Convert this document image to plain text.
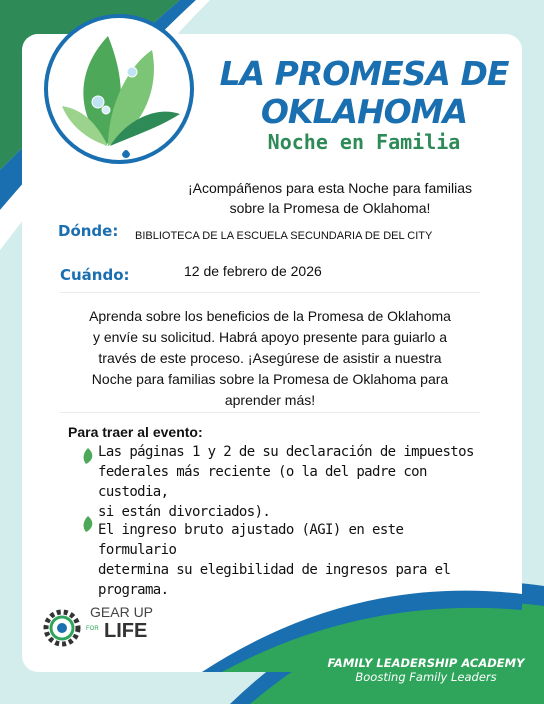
LA PROMESA DE
OKLAHOMA
Noche en Familia
¡Acompáñenos para esta Noche para familias
sobre la Promesa de Oklahoma!
Dónde: BIBLIOTECA DE LA ESCUELA SECUNDARIA DE DEL CITY
Cuándo:	12 de febrero de 2026
Aprenda sobre los beneficios de la Promesa de Oklahoma
y envíe su solicitud. Habrá apoyo presente para guiarlo a
través de este proceso. ¡Asegúrese de asistir a nuestra
Noche para familias sobre la Promesa de Oklahoma para
aprender más!
Para traer al evento:
Las páginas 1 y 2 de su declaración de impuestos
federales más reciente (o la del padre con custodia,
si están divorciados).
El ingreso bruto ajustado (AGI) en este formulario
determina su elegibilidad de ingresos para el
programa.
FOR
GEAR UP
LIFE
FAMILY LEADERSHIP ACADEMY
Boosting Family Leaders
